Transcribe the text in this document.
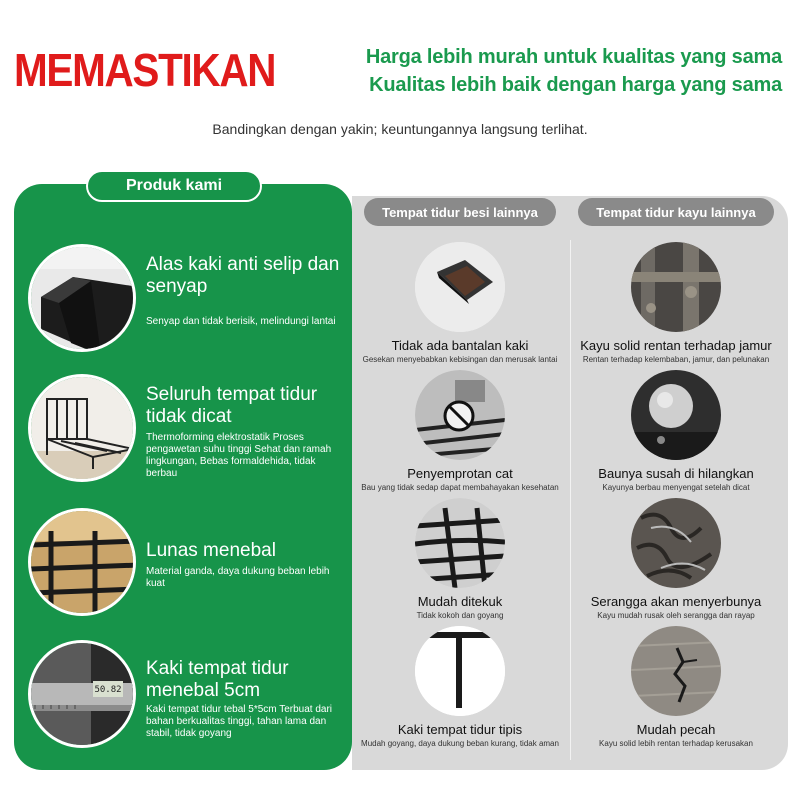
MEMASTIKAN	Harga lebih murah untuk kualitas yang sama
Kualitas lebih baik dengan harga yang sama
Bandingkan dengan yakin; keuntungannya langsung terlihat.
Tempat tidur besi lainnya	Tempat tidur kayu lainnya
Produk kami
Alas kaki anti selip dan senyap
Senyap dan tidak berisik, melindungi lantai
Seluruh tempat tidur tidak dicat
Thermoforming elektrostatik Proses pengawetan suhu tinggi Sehat dan ramah lingkungan, Bebas formaldehida, tidak berbau
Lunas menebal
Material ganda, daya dukung beban lebih kuat
50.82
Kaki tempat tidur menebal 5cm
Kaki tempat tidur tebal 5*5cm Terbuat dari bahan berkualitas tinggi, tahan lama dan stabil, tidak goyang
Tidak ada bantalan kaki
Gesekan menyebabkan kebisingan dan merusak lantai
Penyemprotan cat
Bau yang tidak sedap dapat membahayakan kesehatan
Mudah ditekuk
Tidak kokoh dan goyang
Kaki tempat tidur tipis
Mudah goyang, daya dukung beban kurang, tidak aman
Kayu solid rentan terhadap jamur
Rentan terhadap kelembaban, jamur, dan pelunakan
Baunya susah di hilangkan
Kayunya berbau menyengat setelah dicat
Serangga akan menyerbunya
Kayu mudah rusak oleh serangga dan rayap
Mudah pecah
Kayu solid lebih rentan terhadap kerusakan
